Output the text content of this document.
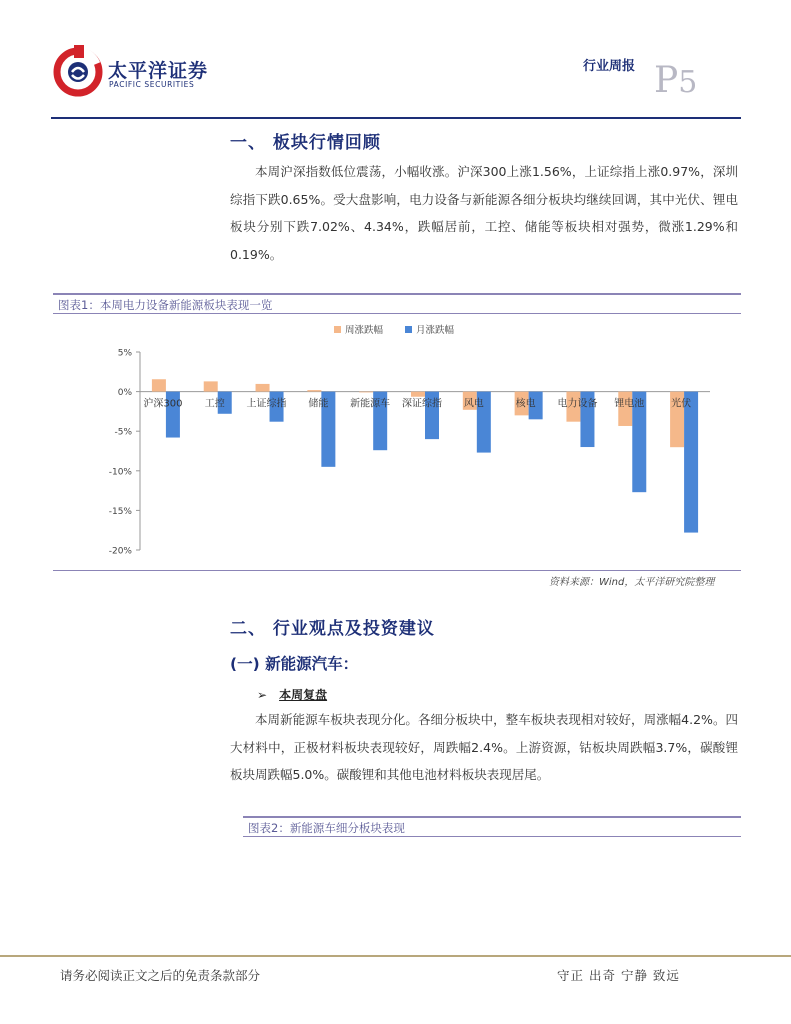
太平洋证券
PACIFIC SECURITIES
行业周报 P5
一、 板块行情回顾
本周沪深指数低位震荡，小幅收涨。沪深300上涨1.56%，上证综指上涨0.97%，深圳综指下跌0.65%。受大盘影响，电力设备与新能源各细分板块均继续回调，其中光伏、锂电板块分别下跌7.02%、4.34%，跌幅居前，工控、储能等板块相对强势，微涨1.29%和0.19%。
图表1：本周电力设备新能源板块表现一览
周涨跌幅	月涨跌幅
5%
0%
-5%
-10%
-15%
-20%
沪深300 工控 上证综指 储能 新能源车 深证综指 风电	核电 电力设备 锂电池	光伏
资料来源：Wind，太平洋研究院整理
二、 行业观点及投资建议
(一) 新能源汽车：
➢ 本周复盘
本周新能源车板块表现分化。各细分板块中，整车板块表现相对较好，周涨幅4.2%。四大材料中，正极材料板块表现较好，周跌幅2.4%。上游资源，钴板块周跌幅3.7%，碳酸锂板块周跌幅5.0%。碳酸锂和其他电池材料板块表现居尾。
图表2：新能源车细分板块表现
请务必阅读正文之后的免责条款部分	守正 出奇 宁静 致远
